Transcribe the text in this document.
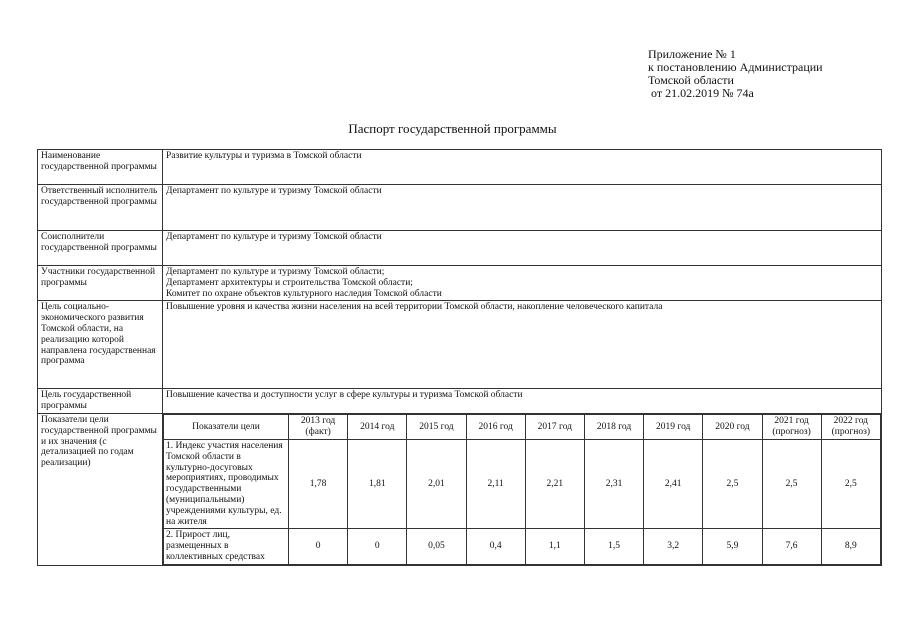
Приложение № 1
к постановлению Администрации
Томской области
от 21.02.2019 № 74а
Паспорт государственной программы
Наименование государственной программы	
Развитие культуры и туризма в Томской области

Ответственный исполнитель государственной программы	
Департамент по культуре и туризму Томской области

Соисполнители государственной программы	
Департамент по культуре и туризму Томской области

Участники государственной программы	
Департамент по культуре и туризму Томской области;
Департамент архитектуры и строительства Томской области;
Комитет по охране объектов культурного наследия Томской области

Цель социально-экономического развития Томской области, на реализацию которой направлена государственная программа	
Повышение уровня и качества жизни населения на всей территории Томской области, накопление человеческого капитала

Цель государственной программы	
Повышение качества и доступности услуг в сфере культуры и туризма Томской области

Показатели цели государственной программы и их значения (с детализацией по годам реализации)	
Показатели цели	2013 год (факт)	2014 год	2015 год	2016 год	2017 год	2018 год	2019 год	2020 год	2021 год (прогноз)	2022 год (прогноз)
1. Индекс участия населения Томской области в культурно-досуговых мероприятиях, проводимых государственными (муниципальными) учреждениями культуры, ед. на жителя	1,78	1,81	2,01	2,11	2,21	2,31	2,41	2,5	2,5	2,5
2. Прирост лиц, размещенных в коллективных средствах	0	0	0,05	0,4	1,1	1,5	3,2	5,9	7,6	8,9
